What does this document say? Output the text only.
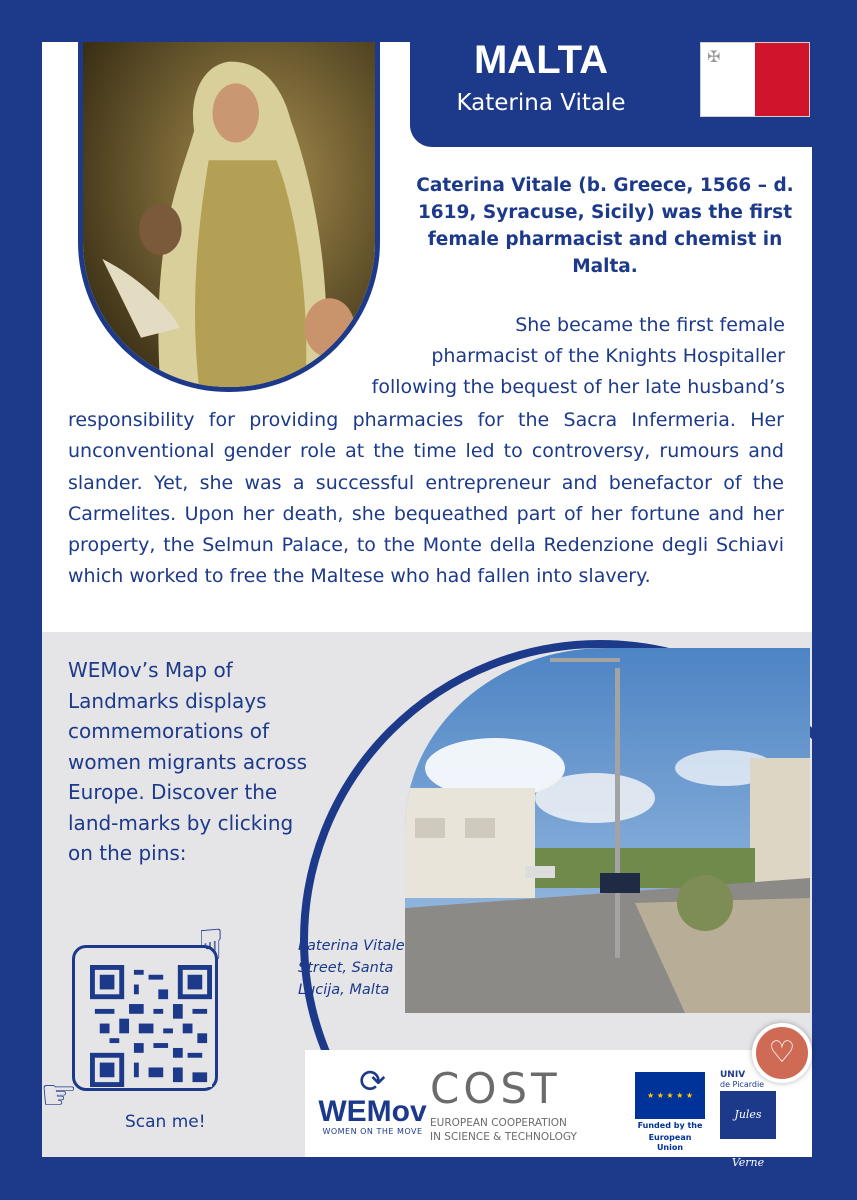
MALTA
Katerina Vitale
✠
Caterina Vitale (b. Greece, 1566 – d. 1619, Syracuse, Sicily) was the first female pharmacist and chemist in Malta.
She became the first female
pharmacist of the Knights Hospitaller
following the bequest of her late husband’s
responsibility for providing pharmacies for the Sacra Infermeria. Her unconventional gender role at the time led to controversy, rumours and slander. Yet, she was a successful entrepreneur and benefactor of the Carmelites. Upon her death, she bequeathed part of her fortune and her property, the Selmun Palace, to the Monte della Redenzione degli Schiavi which worked to free the Maltese who had fallen into slavery.
WEMov’s Map of Landmarks displays commemorations of women migrants across Europe. Discover the land-marks by clicking on the pins:
Katerina Vitale Street, Santa Lucija, Malta
☟
☞
Scan me!
⟳
WEMov
WOMEN ON THE MOVE
COST
EUROPEAN COOPERATION
IN SCIENCE & TECHNOLOGY
★ ★ ★ ★ ★
Funded by the
European Union
UNIV
de Picardie
Jules Verne
♡
